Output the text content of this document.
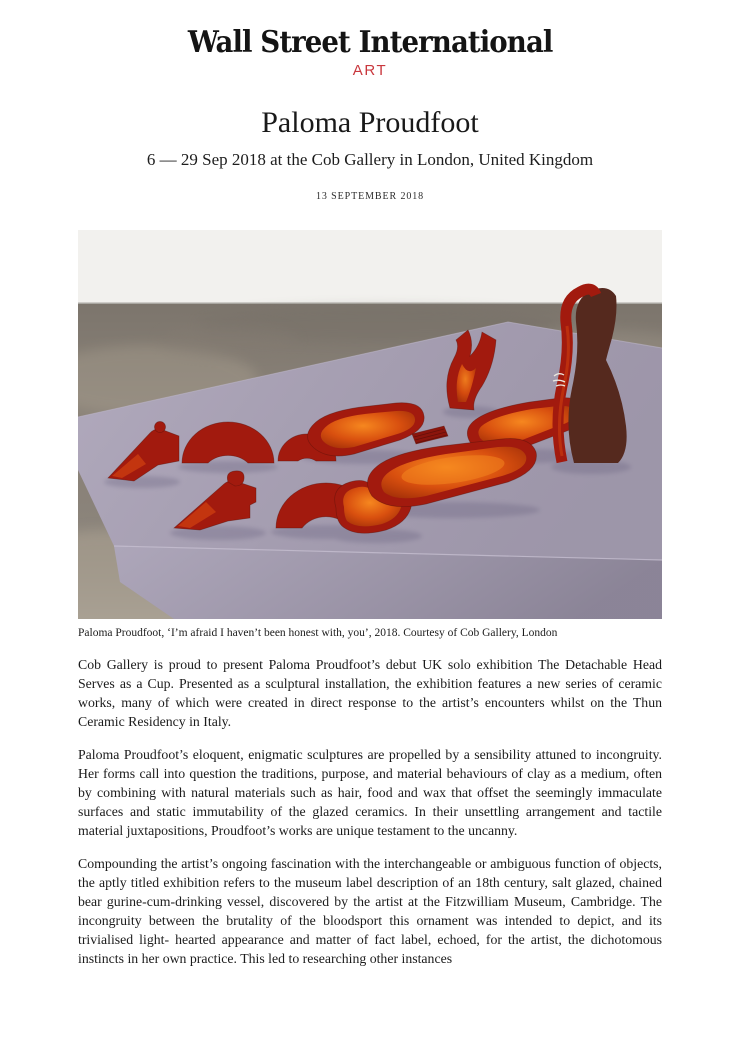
Wall Street International
ART
Paloma Proudfoot
6 — 29 Sep 2018 at the Cob Gallery in London, United Kingdom
13 SEPTEMBER 2018
Paloma Proudfoot, ‘I’m afraid I haven’t been honest with, you’, 2018. Courtesy of Cob Gallery, London

Cob Gallery is proud to present Paloma Proudfoot’s debut UK solo exhibition The Detachable Head Serves as a Cup. Presented as a sculptural installation, the exhibition features a new series of ceramic works, many of which were created in direct response to the artist’s encounters whilst on the Thun Ceramic Residency in Italy.

Paloma Proudfoot’s eloquent, enigmatic sculptures are propelled by a sensibility attuned to incongruity. Her forms call into question the traditions, purpose, and material behaviours of clay as a medium, often by combining with natural materials such as hair, food and wax that offset the seemingly immaculate surfaces and static immutability of the glazed ceramics. In their unsettling arrangement and tactile material juxtapositions, Proudfoot’s works are unique testament to the uncanny.

Compounding the artist’s ongoing fascination with the interchangeable or ambiguous function of objects, the aptly titled exhibition refers to the museum label description of an 18th century, salt glazed, chained bear gurine-cum-drinking vessel, discovered by the artist at the Fitzwilliam Museum, Cambridge. The incongruity between the brutality of the bloodsport this ornament was intended to depict, and its trivialised light- hearted appearance and matter of fact label, echoed, for the artist, the dichotomous instincts in her own practice. This led to researching other instances
